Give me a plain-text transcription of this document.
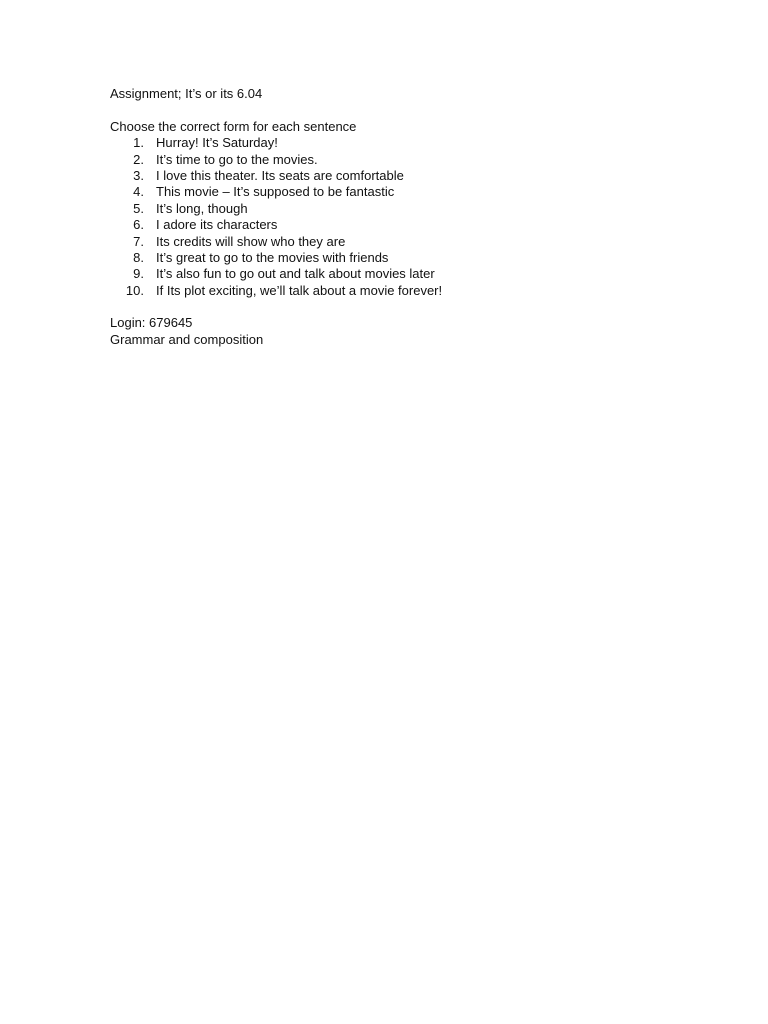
Assignment; It’s or its 6.04
Choose the correct form for each sentence
1. Hurray! It’s Saturday!
2. It’s time to go to the movies.
3. I love this theater. Its seats are comfortable
4. This movie – It’s supposed to be fantastic
5. It’s long, though
6. I adore its characters
7. Its credits will show who they are
8. It’s great to go to the movies with friends
9. It’s also fun to go out and talk about movies later
10. If Its plot exciting, we’ll talk about a movie forever!
Login: 679645
Grammar and composition
